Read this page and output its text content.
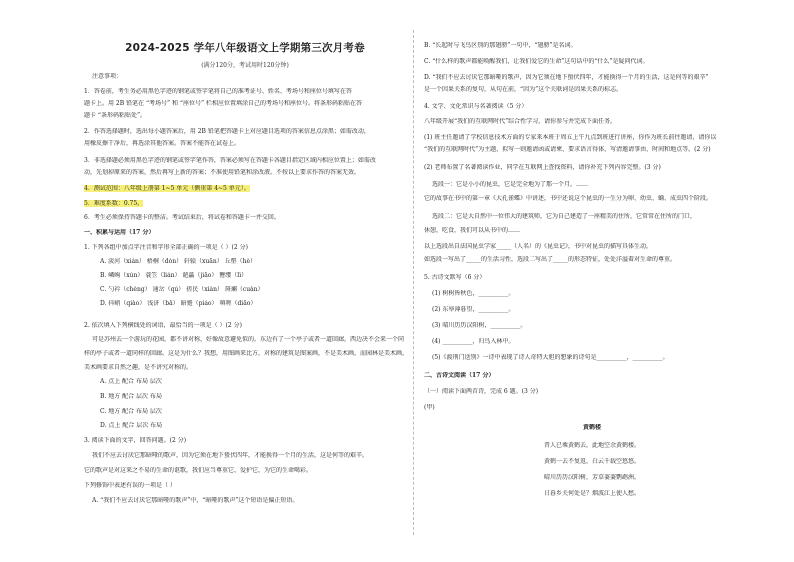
2024-2025 学年八年级语文上学期第三次月考卷
(满分120分，考试用时120分钟)
注意事项：
1．答卷前，考生务必用黑色字迹的钢笔或签字笔将自己的准考证号、姓名、考场号和座位号填写在答
题卡上。用 2B 铅笔在 “考场号” 和 “座位号” 栏相应位置填涂自己的考场号和座位号。将条形码粘贴在答
题卡 “条形码粘贴处”。
2．作答选择题时，选出每小题答案后，用 2B 铅笔把答题卡上对应题目选项的答案信息点涂黑；如需改动，
用橡皮擦干净后，再选涂其他答案。答案不能答在试卷上。
3．非选择题必须用黑色字迹的钢笔或签字笔作答，答案必须写在答题卡各题目指定区域内相应位置上；如需改
动，先划掉原来的答案，然后再写上新的答案；不准使用铅笔和涂改液。不按以上要求作答的答案无效。
4．测试范围：八年级上册第 1~5 单元（侧重第 4~5 单元）。
5．难度系数：0.75。
6．考生必须保持答题卡的整洁。考试结束后，将试卷和答题卡一并交回。
一、积累与运用（17 分）
1. 下列各组中加点字注音和字形全部正确的一项是（ ）(2 分)
A. 淡河（xián） 梧桐（dòn） 轩辕（xuān） 丘壑（hè）
B. 嶙峋（xún） 蓑笠（lián） 葩藟（jiāo） 簪缨（lì）
C. 勺衿（chéng） 通岔（qú） 搓民（xián） 斑斓（cuàn）
D. 抖峭（qiào） 浅济（bā） 暗蹙（piáo） 嗔嗟（diāo）
2. 依次填入下列横线处的词语，最恰当的一项是（ ）(2 分)
可是苏州去一个游玩的花园，都不讲对称，好像故意避免似的。东边有了一个亭子或者一道回廊，西边决不会来一个同
样的亭子或者一道同样的回廊。这是为什么？我想，用图画来比方，对称的建筑是图案画，不是美术画，而园林是美术画，
美术画要求自然之趣，是不讲究对称的。
A. 点上 配合 布局 层次
B. 地方 配合 层次 布局
C. 地方 配合 布局 层次
D. 点上 配合 层次 布局
3. 阅读下面的文字，回答问题。(2 分)
我们不应去讨厌它那暗哑的歌声，因为它须在地下蛰伏四年，才能换得一个月的生活，这是何等的艰辛。
它的歌声是对这来之不易的生命的讴歌，我们应当尊重它、爱护它，为它的生命喝彩。
下列修饰中表述有误的一项是（ ）
A. “我们不应去讨厌它那暗哑的歌声”中，“暗哑的歌声”这个短语是偏正短语。
B. “长起时与飞鸟区别的那翅膀”一句中，“翅膀”是名词。
C. “什么样的歌声都能唤醒我们，让我们爱它的生命”这句话中的“什么”是疑问代词。
D. “我们不应去讨厌它那暗哑的歌声，因为它须在地下蛰伏四年，才能换得一个月的生活，这是何等的艰辛”
是一个因果关系的复句，从句在前，“因为”这个关联词是因果关系的标志。
4. 文学、文化常识与名著阅读（5 分）
八年级开展“我们的互联网时代”综合性学习，请你参与并完成下面任务。
(1) 班主任邀请了学校信息技术方面的专家来本班于周五上午九点到班进行讲座，你作为班长前往邀请，请你以
“我们的互联网时代”为主题，拟写一则邀请函或请柬，要求语言得体，写清邀请事由、时间和地点等。(2 分)
(2) 老师布置了名著阅读作业，同学在互联网上查找资料，请你补充下列内容完整。(3 分)
选段一：它是小小的昆虫，它是完全地为了那一个月，……
它的故事在书中的第一章《大孔雀蝶》中讲述，书中还说这个昆虫的一生分为卵、幼虫、蛹、成虫四个阶段。
选段二：它是大自然中一位伟大的建筑师，它为自己建造了一座精美的住所，它常常在住所的门口，
休憩，吃食，我们可以从书中的……
以上选段出自法国昆虫学家_____（人名）的《昆虫记》，书中对昆虫的描写具体生动，
如选段一写出了_____的生活习性，选段二写出了_____的形态特征，处处洋溢着对生命的尊重。
5. 古诗文默写（6 分）
(1) 树树皆秋色，__________。
(2) 东皋薄暮望，__________。
(3) 晴川历历汉阳树，__________。
(4) __________，归鸟入林中。
(5)《渡荆门送别》一诗中表现了诗人奇特大胆的想象的诗句是__________，__________。
二、古诗文阅读（17 分）
（一）阅读下面两首诗，完成 6 题。(3 分)
(甲)
黄鹤楼
昔人已乘黄鹤去，此地空余黄鹤楼。
黄鹤一去不复返，白云千载空悠悠。
晴川历历汉阳树，芳草萋萋鹦鹉洲。
日暮乡关何处是？烟波江上使人愁。
